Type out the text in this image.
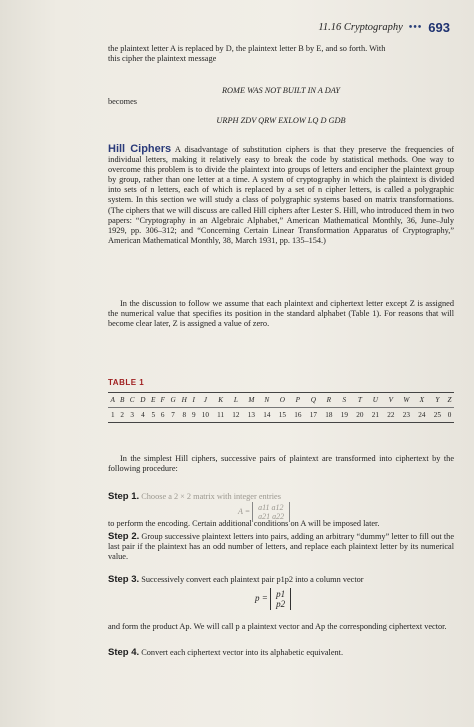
11.16 Cryptography ••• 693
the plaintext letter A is replaced by D, the plaintext letter B by E, and so forth. With
this cipher the plaintext message
ROME WAS NOT BUILT IN A DAY
becomes
URPH ZDV QRW EXLOW LQ D GDB
Hill Ciphers A disadvantage of substitution ciphers is that they preserve the frequencies of individual letters, making it relatively easy to break the code by statistical methods. One way to overcome this problem is to divide the plaintext into groups of letters and encipher the plaintext group by group, rather than one letter at a time. A system of cryptography in which the plaintext is divided into sets of n letters, each of which is replaced by a set of n cipher letters, is called a polygraphic system. In this section we will study a class of polygraphic systems based on matrix transformations. (The ciphers that we will discuss are called Hill ciphers after Lester S. Hill, who introduced them in two papers: “Cryptography in an Algebraic Alphabet,” American Mathematical Monthly, 36, June–July 1929, pp. 306–312; and “Concerning Certain Linear Transformation Apparatus of Cryptography,” American Mathematical Monthly, 38, March 1931, pp. 135–154.)
In the discussion to follow we assume that each plaintext and ciphertext letter except Z is assigned the numerical value that specifies its position in the standard alphabet (Table 1). For reasons that will become clear later, Z is assigned a value of zero.
TABLE 1
A	B	C	D	E	F	G	H	I	J	K	L	M	N	O	P	Q	R	S	T	U	V	W	X	Y	Z
1	2	3	4	5	6	7	8	9	10	11	12	13	14	15	16	17	18	19	20	21	22	23	24	25	0
In the simplest Hill ciphers, successive pairs of plaintext are transformed into ciphertext by the following procedure:
Step 1. Choose a 2 × 2 matrix with integer entries
A = a11 a12
a21 a22
to perform the encoding. Certain additional conditions on A will be imposed later.
Step 2. Group successive plaintext letters into pairs, adding an arbitrary “dummy” letter to fill out the last pair if the plaintext has an odd number of letters, and replace each plaintext letter by its numerical value.
Step 3. Successively convert each plaintext pair p1p2 into a column vector
p = p1
p2
and form the product Ap. We will call p a plaintext vector and Ap the corresponding ciphertext vector.
Step 4. Convert each ciphertext vector into its alphabetic equivalent.
